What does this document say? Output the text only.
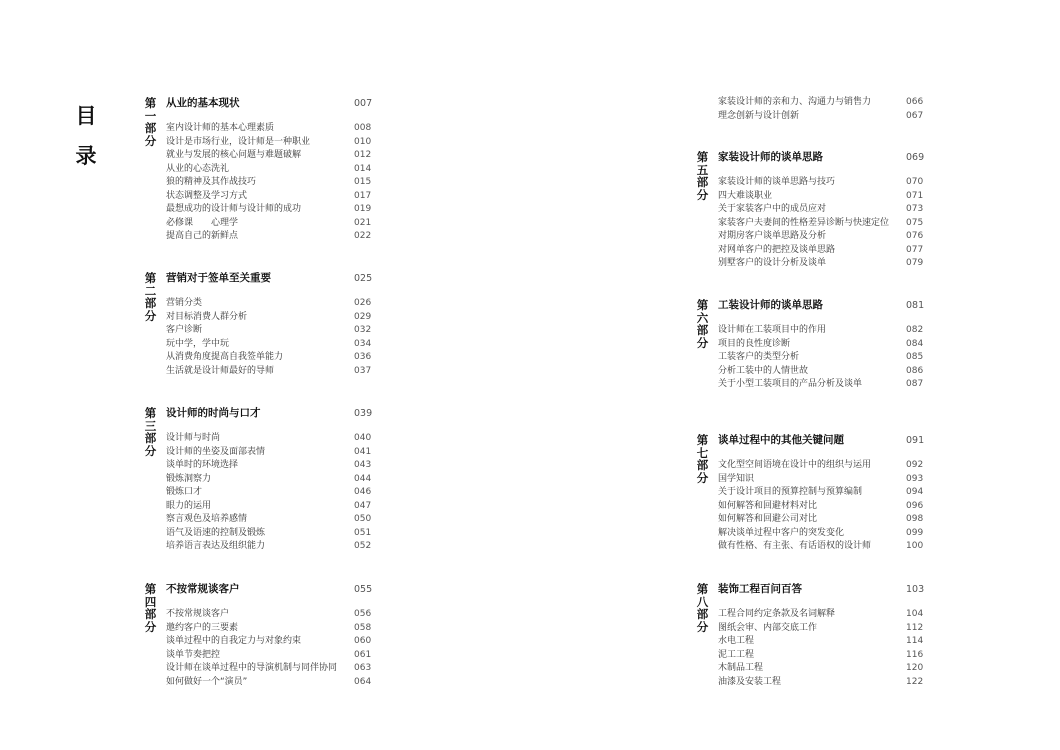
目
录
第
一
部
分
从业的基本现状	007
室内设计师的基本心理素质	008
设计是市场行业，设计师是一种职业	010
就业与发展的核心问题与难题破解	012
从业的心态洗礼	014
狼的精神及其作战技巧	015
状态调整及学习方式	017
最想成功的设计师与设计师的成功	019
必修课　　心理学	021
提高自己的新鲜点	022
第
二
部
分
营销对于签单至关重要	025
营销分类	026
对目标消费人群分析	029
客户诊断	032
玩中学，学中玩	034
从消费角度提高自我签单能力	036
生活就是设计师最好的导师	037
第
三
部
分
设计师的时尚与口才	039
设计师与时尚	040
设计师的坐姿及面部表情	041
谈单时的环境选择	043
锻炼洞察力	044
锻炼口才	046
眼力的运用	047
察言观色及培养感情	050
语气及语速的控制及锻炼	051
培养语言表达及组织能力	052
第
四
部
分
不按常规谈客户	055
不按常规谈客户	056
邀约客户的三要素	058
谈单过程中的自我定力与对象约束	060
谈单节奏把控	061
设计师在谈单过程中的导演机制与同伴协同 063
如何做好一个“演员”	064
家装设计师的亲和力、沟通力与销售力	066
理念创新与设计创新	067
第
五
部
分
家装设计师的谈单思路	069
家装设计师的谈单思路与技巧	070
四大难谈职业	071
关于家装客户中的成员应对	073
家装客户夫妻间的性格差异诊断与快速定位 075
对期房客户谈单思路及分析	076
对网单客户的把控及谈单思路	077
别墅客户的设计分析及谈单	079
第
六
部
分
工装设计师的谈单思路	081
设计师在工装项目中的作用	082
项目的良性度诊断	084
工装客户的类型分析	085
分析工装中的人情世故	086
关于小型工装项目的产品分析及谈单	087
第
七
部
分
谈单过程中的其他关键问题	091
文化型空间语境在设计中的组织与运用	092
国学知识	093
关于设计项目的预算控制与预算编制	094
如何解答和回避材料对比	096
如何解答和回避公司对比	098
解决谈单过程中客户的突发变化	099
做有性格、有主张、有话语权的设计师	100
第
八
部
分
装饰工程百问百答	103
工程合同约定条款及名词解释	104
图纸会审、内部交底工作	112
水电工程	114
泥工工程	116
木制品工程	120
油漆及安装工程	122
